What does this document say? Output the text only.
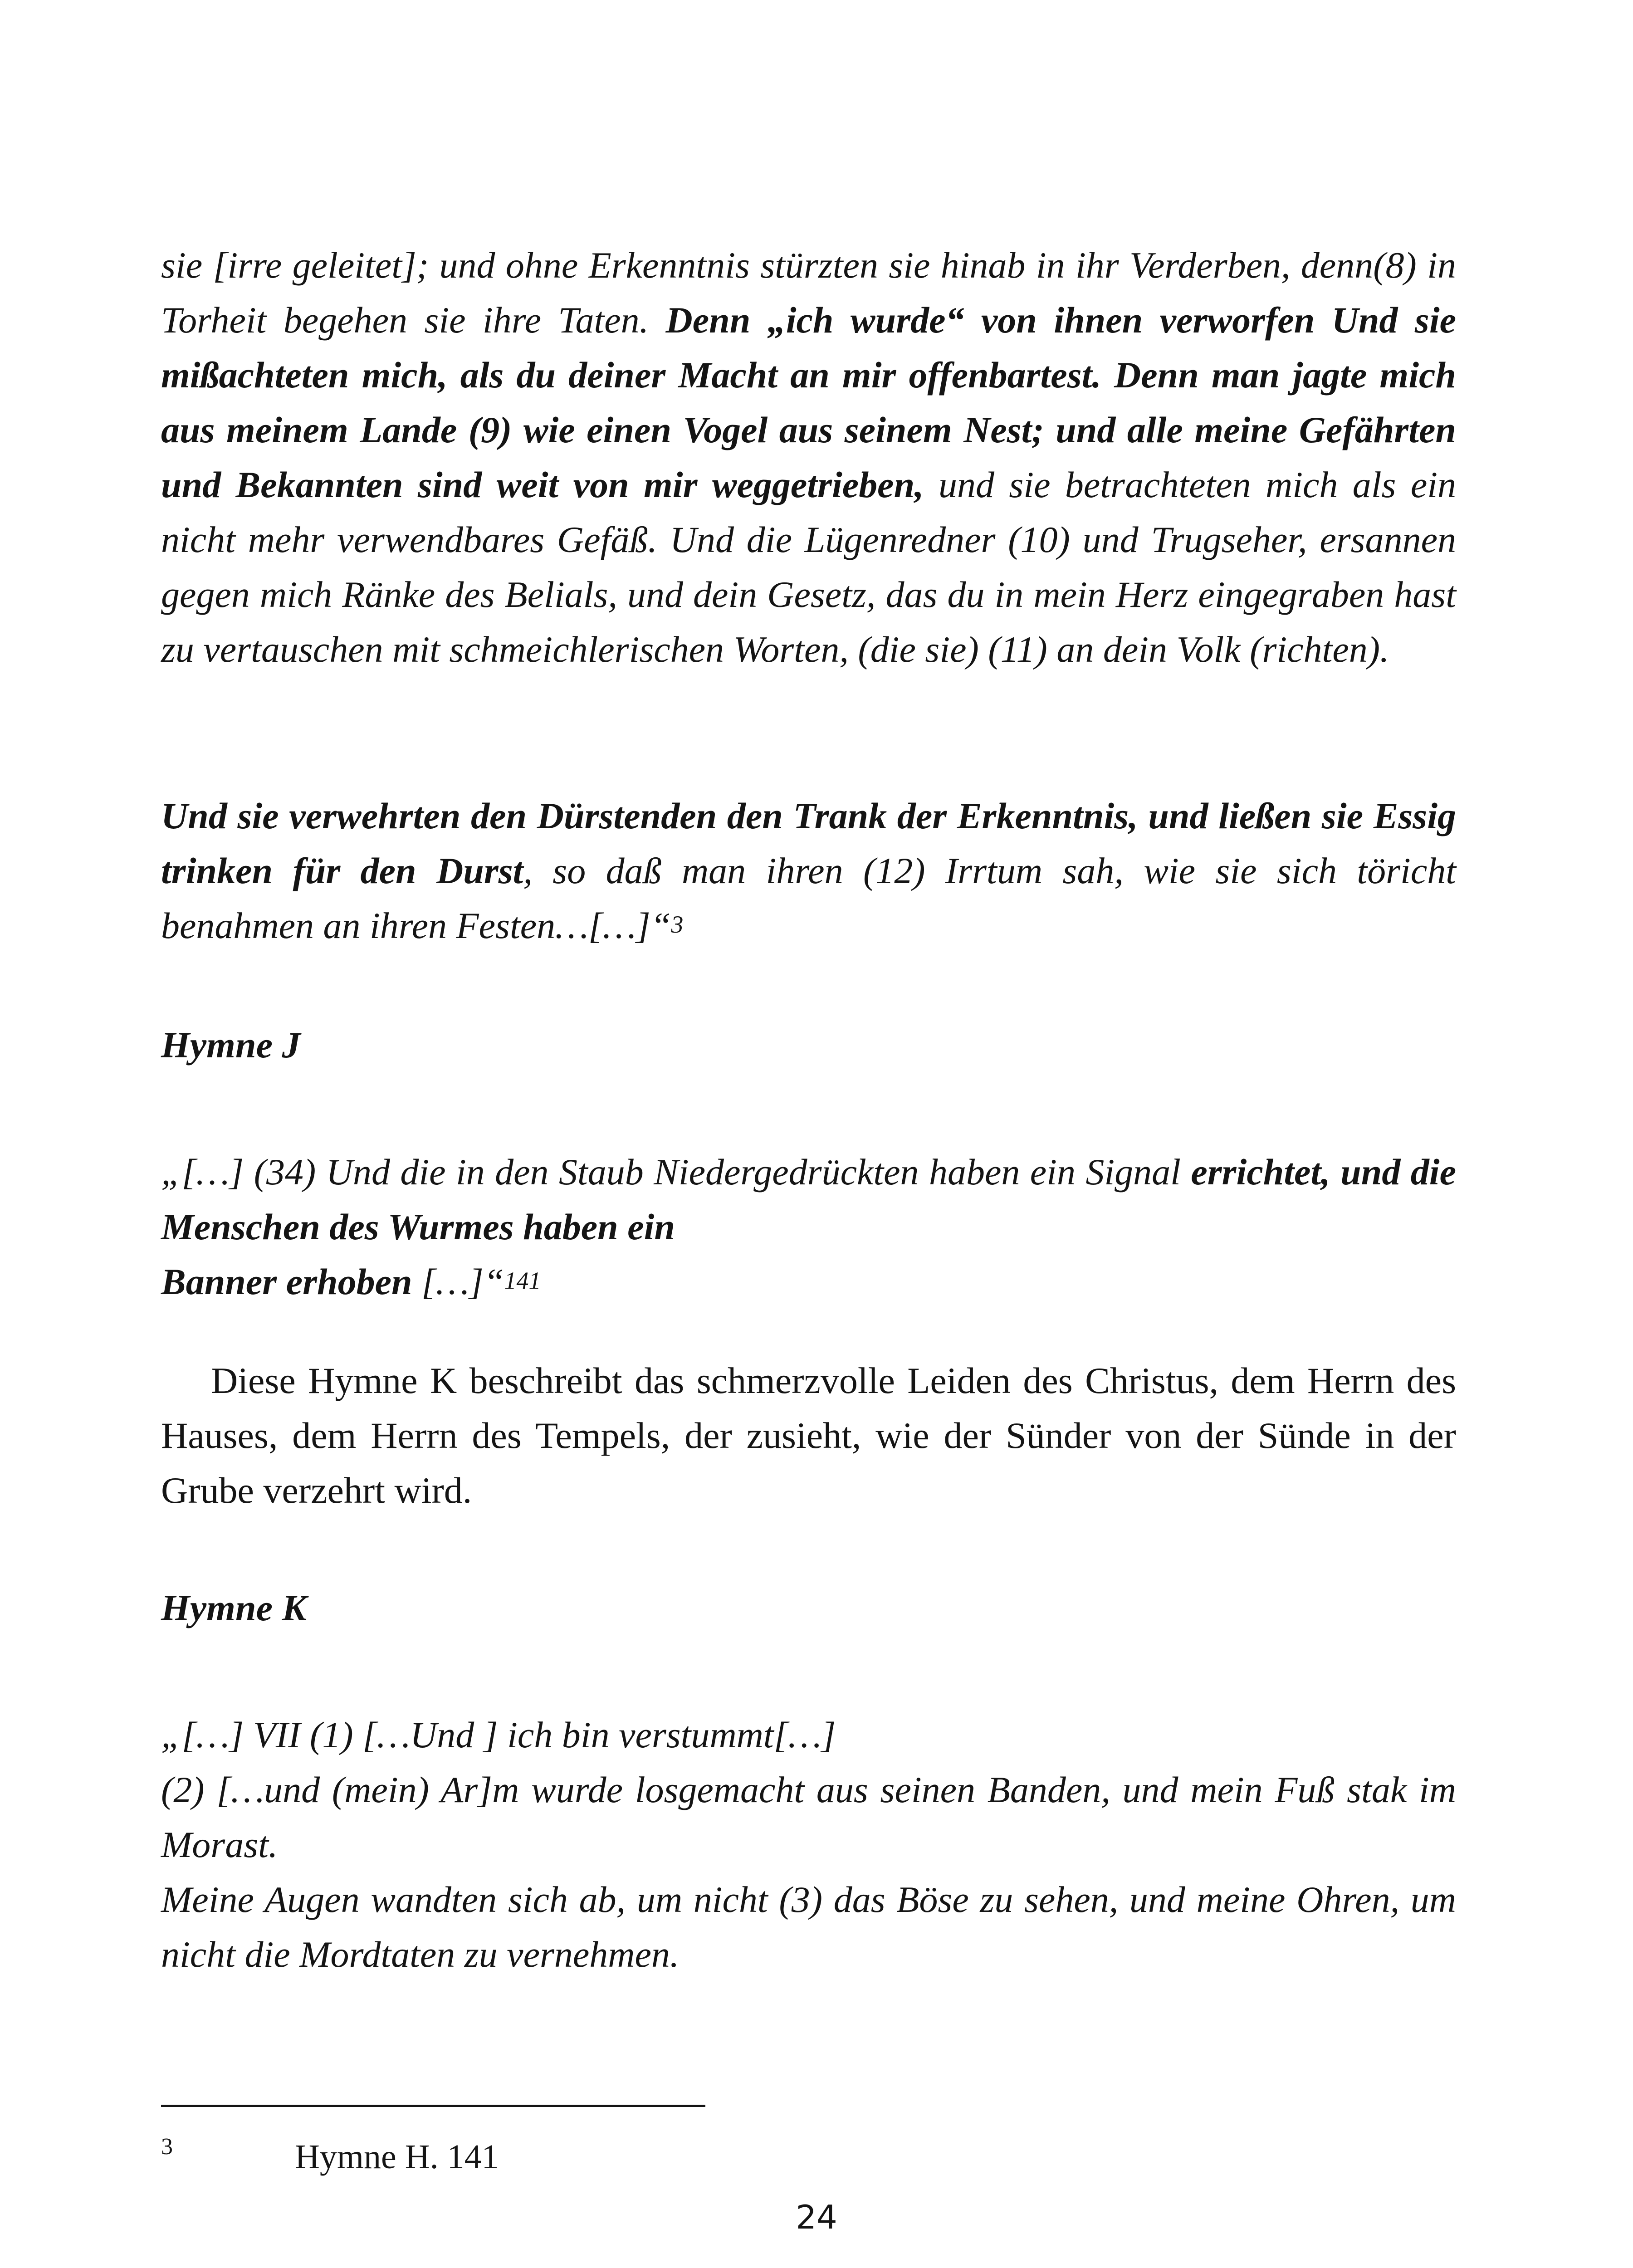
sie [irre geleitet]; und ohne Erkenntnis stürzten sie hinab in ihr Verderben, denn(8) in Torheit begehen sie ihre Taten. Denn „ich wurde“ von ihnen verworfen Und sie mißachteten mich, als du deiner Macht an mir offenbartest. Denn man jagte mich aus meinem Lande (9) wie einen Vogel aus seinem Nest; und alle meine Gefährten und Bekannten sind weit von mir weggetrieben, und sie betrachteten mich als ein nicht mehr verwendbares Gefäß. Und die Lügenredner (10) und Trugseher, ersannen gegen mich Ränke des Belials, und dein Gesetz, das du in mein Herz eingegraben hast zu vertauschen mit schmeichlerischen Worten, (die sie) (11) an dein Volk (richten).
Und sie verwehrten den Dürstenden den Trank der Erkenntnis, und ließen sie Essig trinken für den Durst, so daß man ihren (12) Irrtum sah, wie sie sich töricht benahmen an ihren Festen…[…]“$^3$
Hymne J
„[…] (34) Und die in den Staub Niedergedrückten haben ein Signal errichtet, und die Menschen des Wurmes haben ein
Banner erhoben […]“$^{141}$
Diese Hymne K beschreibt das schmerzvolle Leiden des Christus, dem Herrn des Hauses, dem Herrn des Tempels, der zusieht, wie der Sünder von der Sünde in der Grube verzehrt wird.
Hymne K
„[…] VII (1) […Und ] ich bin verstummt[…]
(2) […und (mein) Ar]m wurde losgemacht aus seinen Banden, und mein Fuß stak im Morast.
Meine Augen wandten sich ab, um nicht (3) das Böse zu sehen, und meine Ohren, um nicht die Mordtaten zu vernehmen.
3	Hymne H. 141
24
